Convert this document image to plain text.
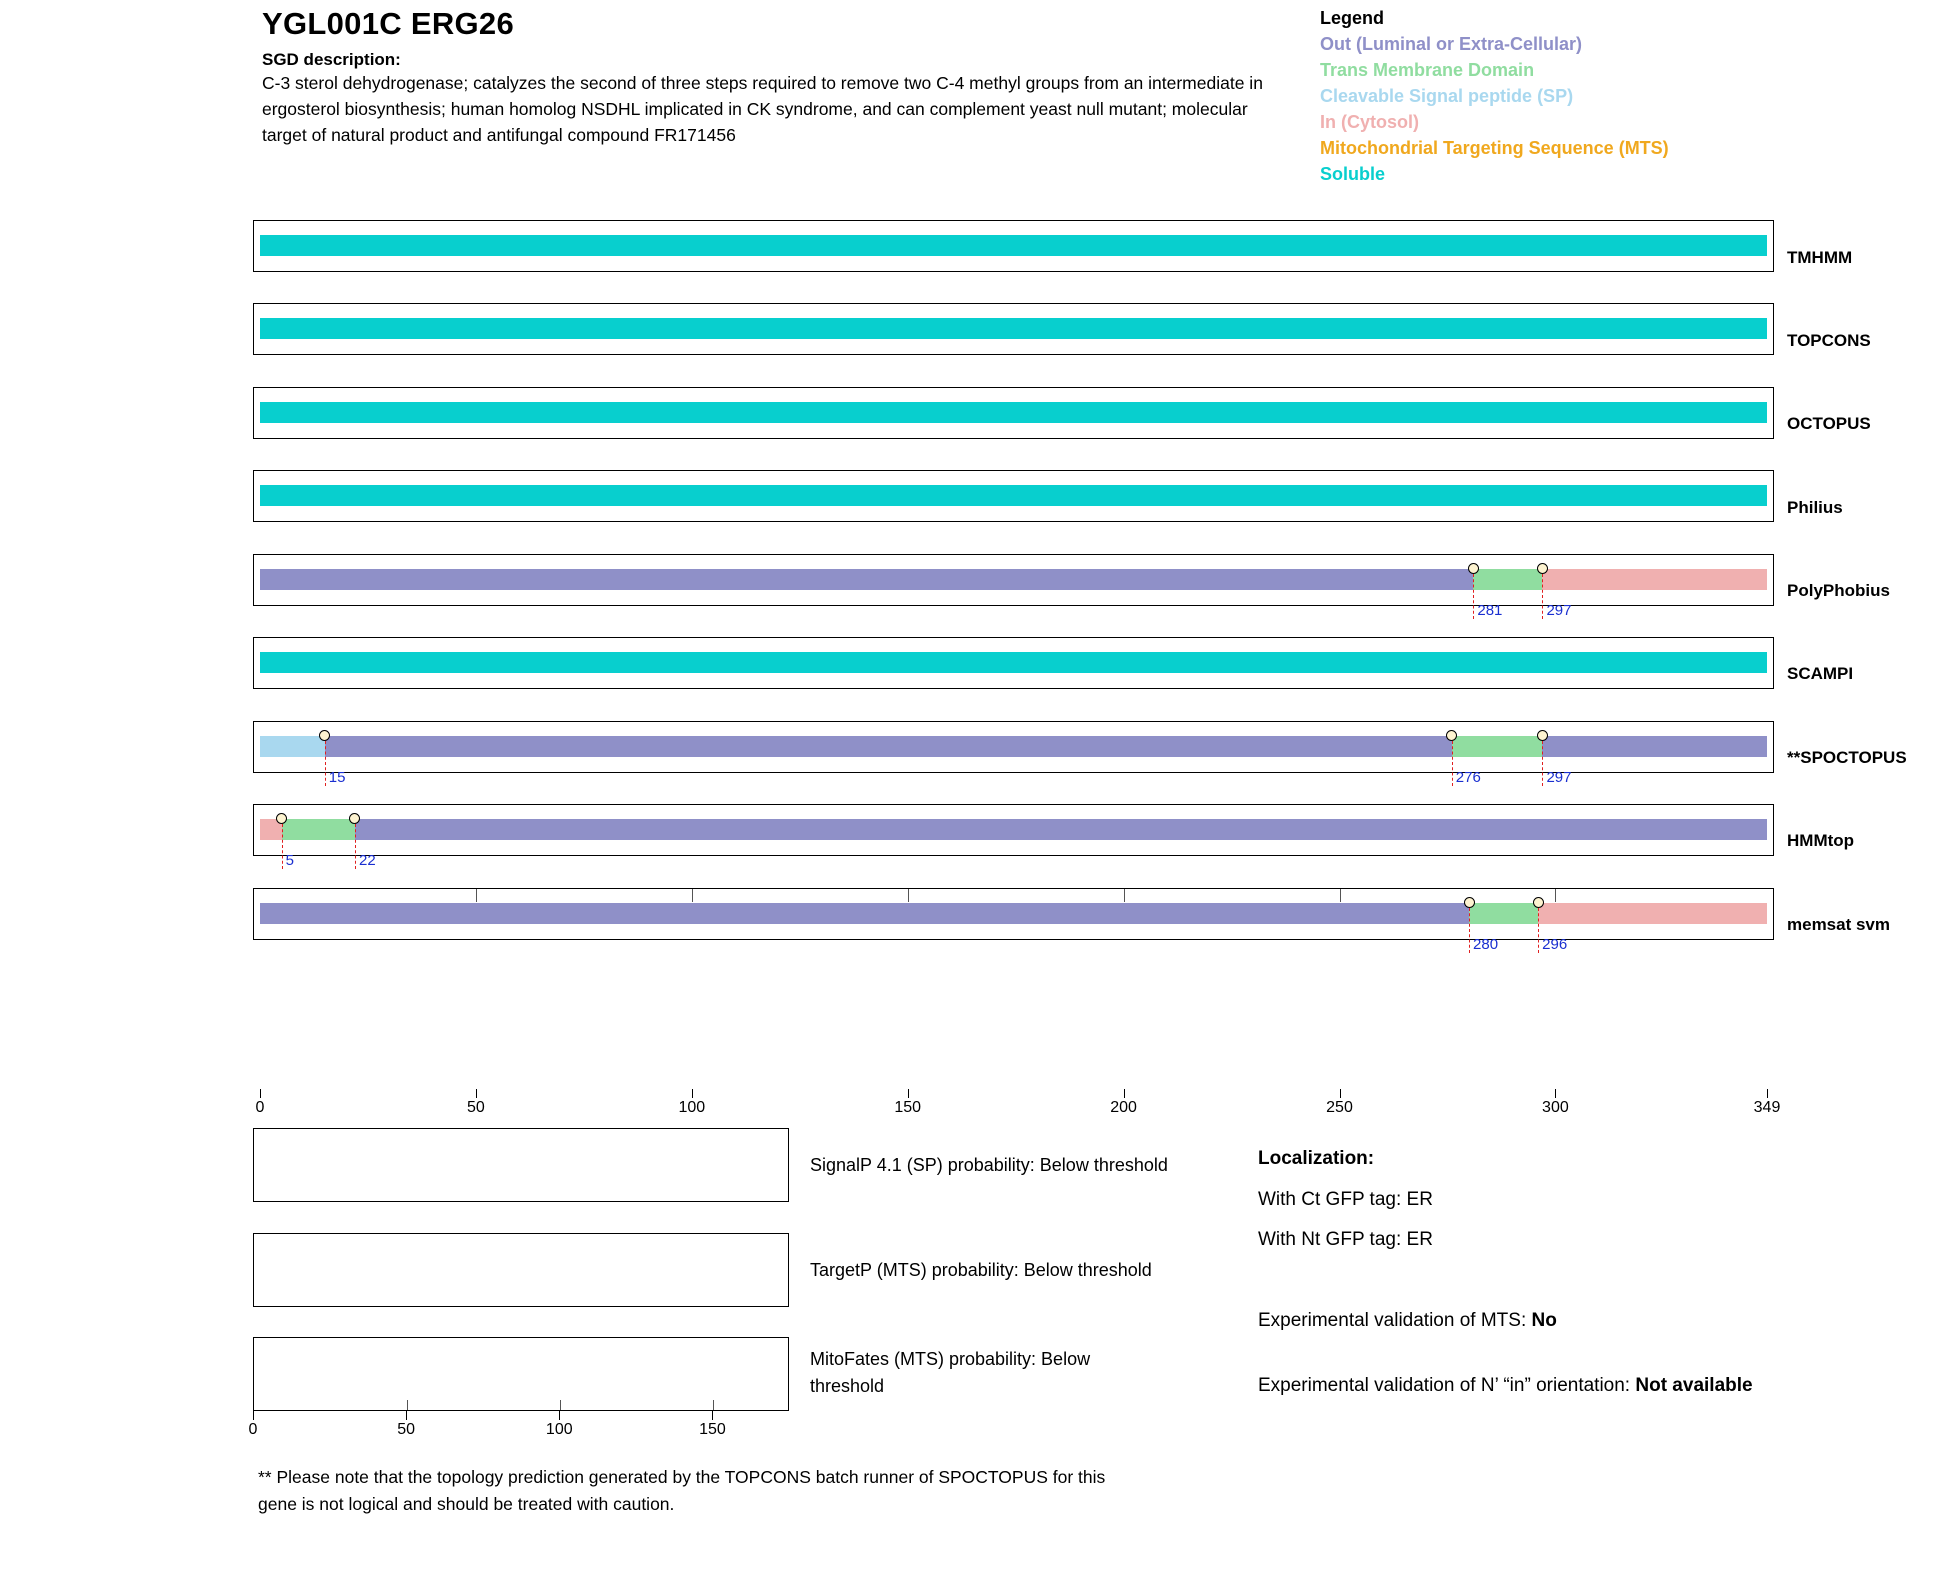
YGL001C ERG26
SGD description:
C-3 sterol dehydrogenase; catalyzes the second of three steps required to remove two C-4 methyl groups from an intermediate in ergosterol biosynthesis; human homolog NSDHL implicated in CK syndrome, and can complement yeast null mutant; molecular target of natural product and antifungal compound FR171456
Legend
Out (Luminal or Extra-Cellular)
Trans Membrane Domain
Cleavable Signal peptide (SP)
In (Cytosol)
Mitochondrial Targeting Sequence (MTS)
Soluble
TMHMM
TOPCONS
OCTOPUS
Philius
281	297
PolyPhobius
SCAMPI
15	276	297
**SPOCTOPUS
5	22
HMMtop
280	296
memsat svm
0	50	100	150	200	250	300	349
SignalP 4.1 (SP) probability: Below threshold
TargetP (MTS) probability: Below threshold
MitoFates (MTS) probability: Below threshold
0	50	100	150
Localization:
With Ct GFP tag: ER
With Nt GFP tag: ER
Experimental validation of MTS: No
Experimental validation of N’ “in” orientation: Not available
** Please note that the topology prediction generated by the TOPCONS batch runner of SPOCTOPUS for this gene is not logical and should be treated with caution.
